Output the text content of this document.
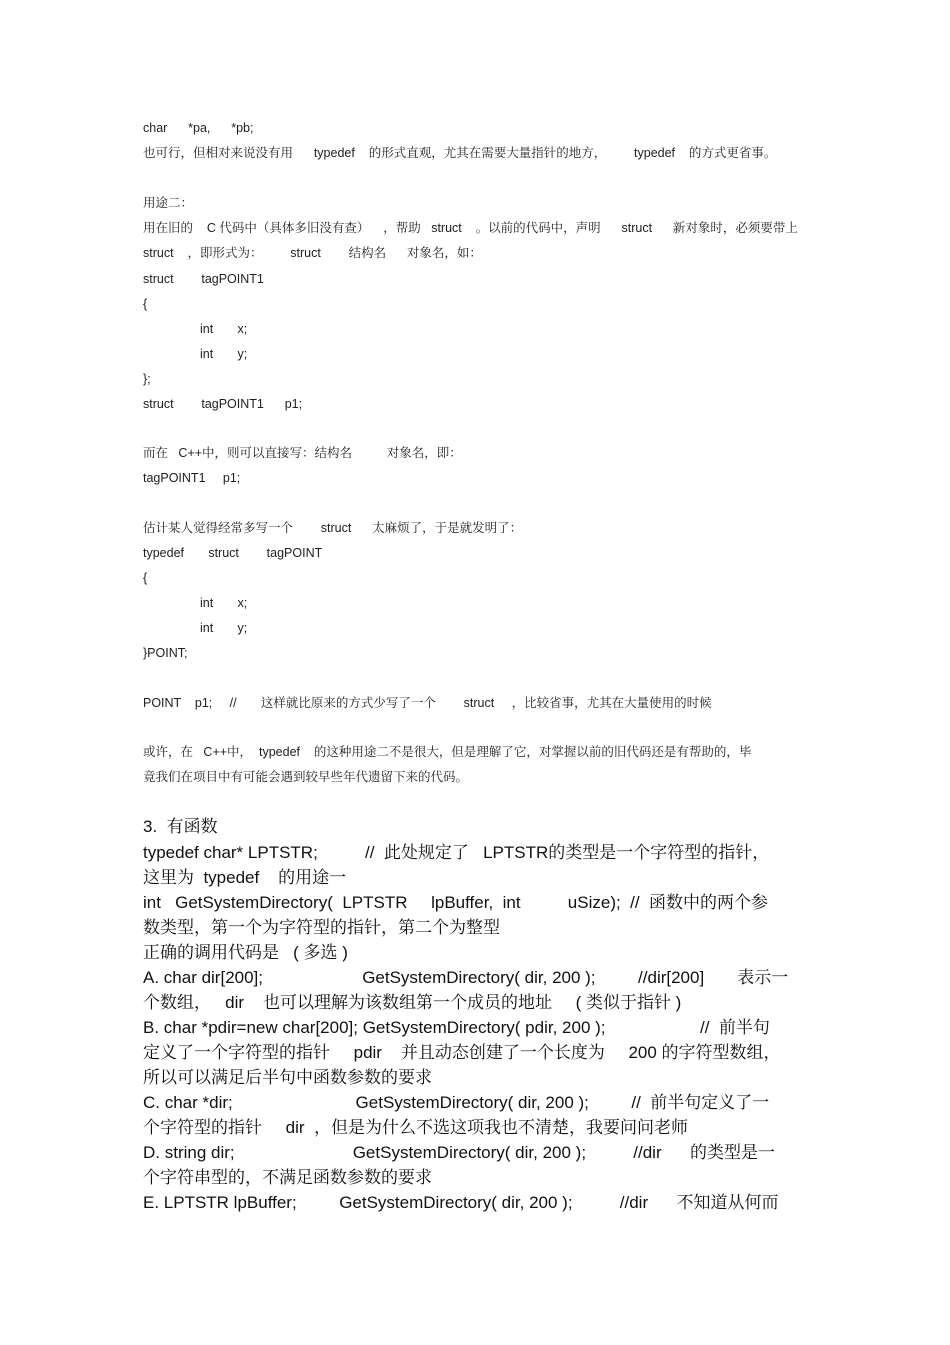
char      *pa,      *pb;
也可行，但相对来说没有用      typedef    的形式直观，尤其在需要大量指针的地方，        typedef    的方式更省事。
用途二：
用在旧的    C 代码中（具体多旧没有查）    ，帮助   struct    。以前的代码中，声明      struct      新对象时，必须要带上
struct    ，即形式为：        struct        结构名      对象名，如：
struct        tagPOINT1
{
int       x;
int       y;
};
struct        tagPOINT1      p1;
而在   C++中，则可以直接写：结构名          对象名，即：
tagPOINT1     p1;
估计某人觉得经常多写一个        struct      太麻烦了，于是就发明了：
typedef       struct        tagPOINT
{
int       x;
int       y;
}POINT;
POINT    p1;     //       这样就比原来的方式少写了一个        struct     ，比较省事，尤其在大量使用的时候
或许，在   C++中，  typedef    的这种用途二不是很大，但是理解了它，对掌握以前的旧代码还是有帮助的，毕
竟我们在项目中有可能会遇到较早些年代遗留下来的代码。
3.  有函数
typedef char* LPTSTR;          //  此处规定了   LPTSTR的类型是一个字符型的指针，
这里为  typedef    的用途一
int   GetSystemDirectory(  LPTSTR     lpBuffer,  int          uSize);  //  函数中的两个参
数类型，第一个为字符型的指针，第二个为整型
正确的调用代码是   ( 多选 )
A. char dir[200];                     GetSystemDirectory( dir, 200 );         //dir[200]       表示一
个数组，   dir    也可以理解为该数组第一个成员的地址     ( 类似于指针 )
B. char *pdir=new char[200]; GetSystemDirectory( pdir, 200 );                    //  前半句
定义了一个字符型的指针     pdir    并且动态创建了一个长度为     200 的字符型数组，
所以可以满足后半句中函数参数的要求
C. char *dir;                          GetSystemDirectory( dir, 200 );         //  前半句定义了一
个字符型的指针     dir  ，但是为什么不选这项我也不清楚，我要问问老师
D. string dir;                         GetSystemDirectory( dir, 200 );          //dir      的类型是一
个字符串型的，不满足函数参数的要求
E. LPTSTR lpBuffer;         GetSystemDirectory( dir, 200 );          //dir      不知道从何而
